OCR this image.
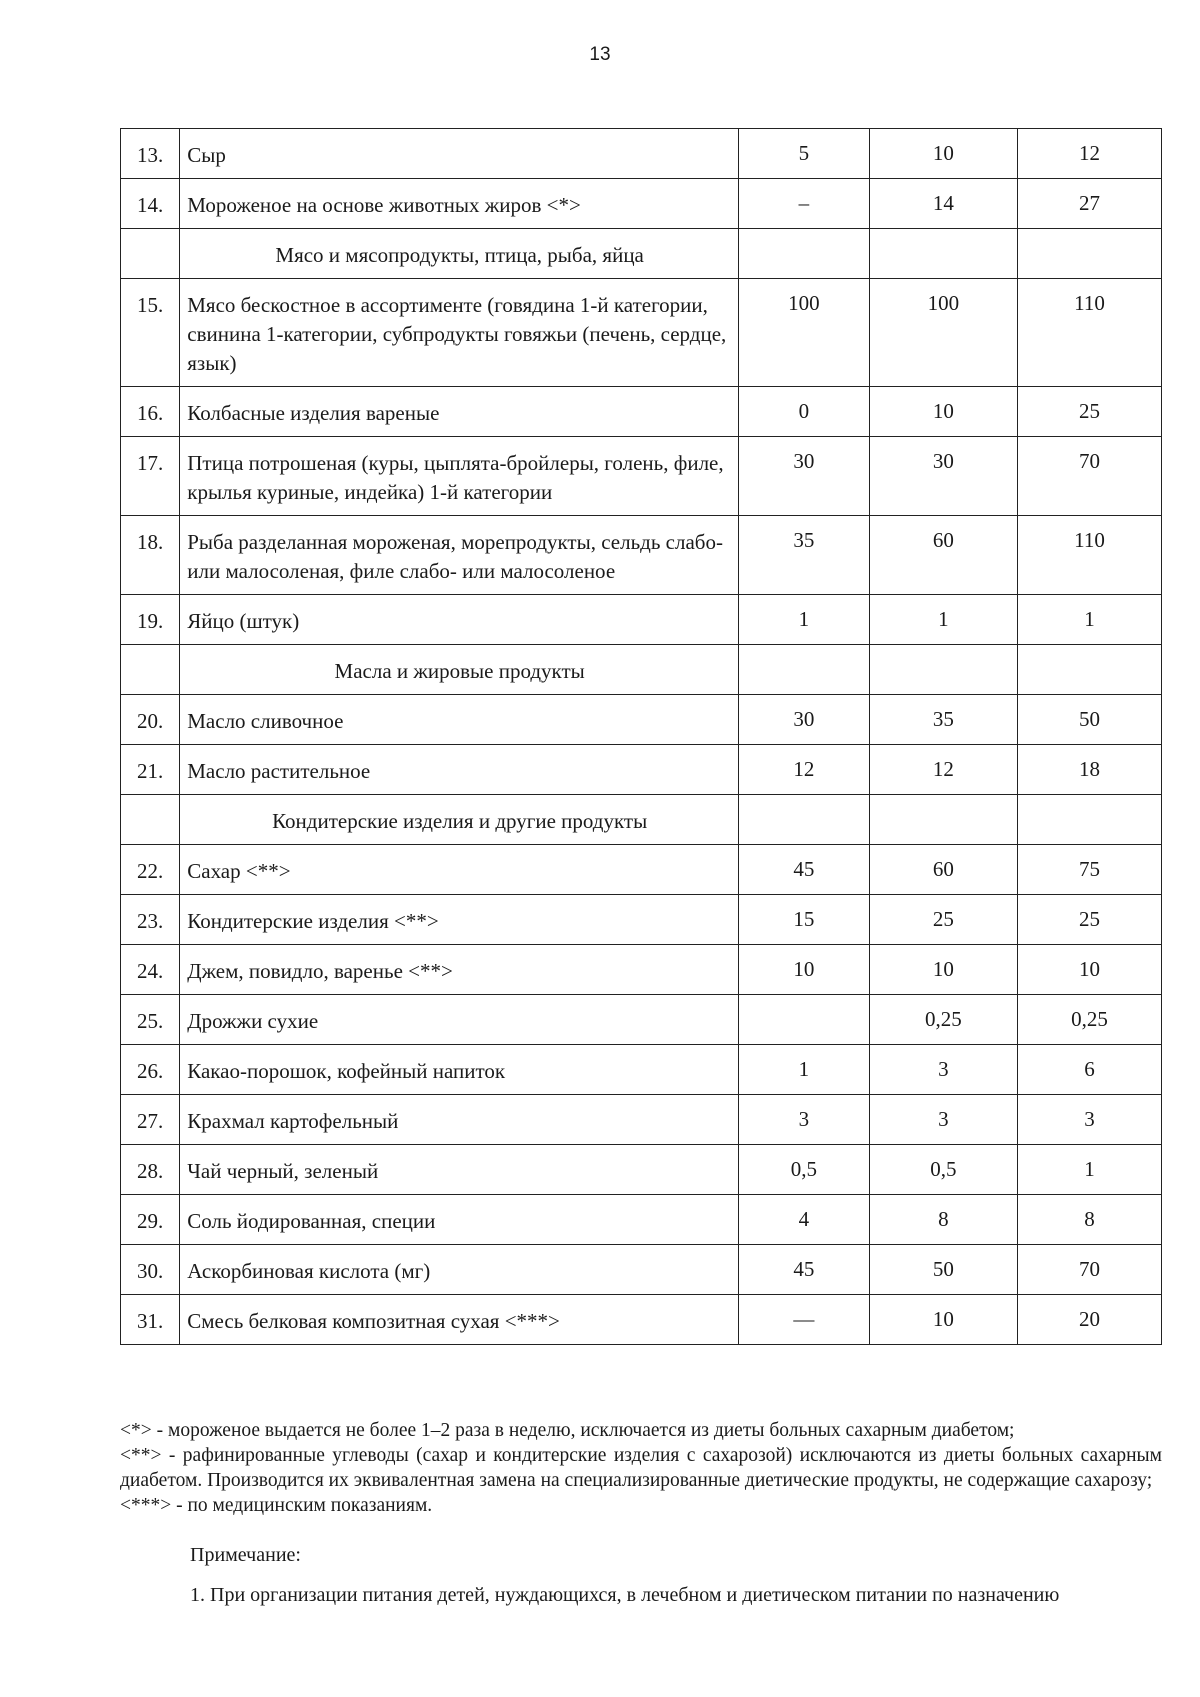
13
13.	Сыр	5	10	12
14.	Мороженое на основе животных жиров <*>	–	14	27
	Мясо и мясопродукты, птица, рыба, яйца			
15.	Мясо бескостное в ассортименте (говядина 1-й категории, свинина 1-категории, субпродукты говяжьи (печень, сердце, язык)	100	100	110
16.	Колбасные изделия вареные	0	10	25
17.	Птица потрошеная (куры, цыплята-бройлеры, голень, филе, крылья куриные, индейка) 1-й категории	30	30	70
18.	Рыба разделанная мороженая, морепродукты, сельдь слабо- или малосоленая, филе слабо- или малосоленое	35	60	110
19.	Яйцо (штук)	1	1	1
	Масла и жировые продукты			
20.	Масло сливочное	30	35	50
21.	Масло растительное	12	12	18
	Кондитерские изделия и другие продукты			
22.	Сахар <**>	45	60	75
23.	Кондитерские изделия <**>	15	25	25
24.	Джем, повидло, варенье <**>	10	10	10
25.	Дрожжи сухие		0,25	0,25
26.	Какао-порошок, кофейный напиток	1	3	6
27.	Крахмал картофельный	3	3	3
28.	Чай черный, зеленый	0,5	0,5	1
29.	Соль йодированная, специи	4	8	8
30.	Аскорбиновая кислота (мг)	45	50	70
31.	Смесь белковая композитная сухая <***>	—	10	20

<*> - мороженое выдается не более 1–2 раза в неделю, исключается из диеты больных сахарным диабетом;

<**> - рафинированные углеводы (сахар и кондитерские изделия с сахарозой) исключаются из диеты больных сахарным диабетом. Производится их эквивалентная замена на специализированные диетические продукты, не содержащие сахарозу;

<***> - по медицинским показаниям.

Примечание:
1. При организации питания детей, нуждающихся, в лечебном и диетическом питании по назначению
